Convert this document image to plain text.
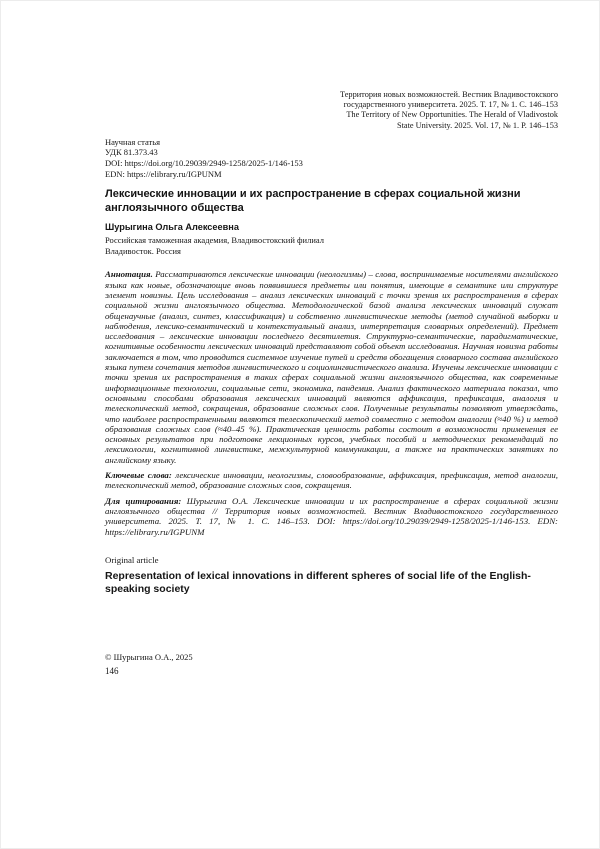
Территория новых возможностей. Вестник Владивостокского
государственного университета. 2025. Т. 17, № 1. С. 146–153
The Territory of New Opportunities. The Herald of Vladivostok
State University. 2025. Vol. 17, № 1. P. 146–153
Научная статья
УДК 81.373.43
DOI: https://doi.org/10.29039/2949-1258/2025-1/146-153
EDN: https://elibrary.ru/IGPUNM
Лексические инновации и их распространение в сферах социальной жизни англоязычного общества
Шурыгина Ольга Алексеевна
Российская таможенная академия, Владивостокский филиал
Владивосток. Россия

Аннотация. Рассматриваются лексические инновации (неологизмы) – слова, воспринимаемые носителями английского языка как новые, обозначающие вновь появившиеся предметы или понятия, имеющие в семантике или структуре элемент новизны. Цель исследования – анализ лексических инноваций с точки зрения их распространения в сферах социальной жизни англоязычного общества. Методологической базой анализа лексических инноваций служат общенаучные (анализ, синтез, классификация) и собственно лингвистические методы (метод случайной выборки и наблюдения, лексико-семантический и контекстуальный анализ, интерпретация словарных определений). Предмет исследования – лексические инновации последнего десятилетия. Структурно-семантические, парадигматические, когнитивные особенности лексических инноваций представляют собой объект исследования. Научная новизна работы заключается в том, что проводится системное изучение путей и средств обогащения словарного состава английского языка путем сочетания методов лингвистического и социолингвистического анализа. Изучены лексические инновации с точки зрения их распространения в таких сферах социальной жизни англоязычного общества, как современные информационные технологии, социальные сети, экономика, пандемия. Анализ фактического материала показал, что основными способами образования лексических инноваций являются аффиксация, префиксация, аналогия и телескопический метод, сокращения, образование сложных слов. Полученные результаты позволяют утверждать, что наиболее распространенными являются телескопический метод совместно с методом аналогии (≈40 %) и метод образования сложных слов (≈40–45 %). Практическая ценность работы состоит в возможности применения ее основных результатов при подготовке лекционных курсов, учебных пособий и методических рекомендаций по лексикологии, когнитивной лингвистике, межкультурной коммуникации, а также на практических занятиях по английскому языку.

Ключевые слова: лексические инновации, неологизмы, словообразование, аффиксация, префиксация, метод аналогии, телескопический метод, образование сложных слов, сокращения.

Для цитирования: Шурыгина О.А. Лексические инновации и их распространение в сферах социальной жизни англоязычного общества // Территория новых возможностей. Вестник Владивостокского государственного университета. 2025. Т. 17, № 1. С. 146–153. DOI: https://doi.org/10.29039/2949-1258/2025-1/146-153. EDN: https://elibrary.ru/IGPUNM

Original article
Representation of lexical innovations in different spheres of social life of the English-speaking society
© Шурыгина О.А., 2025
146
